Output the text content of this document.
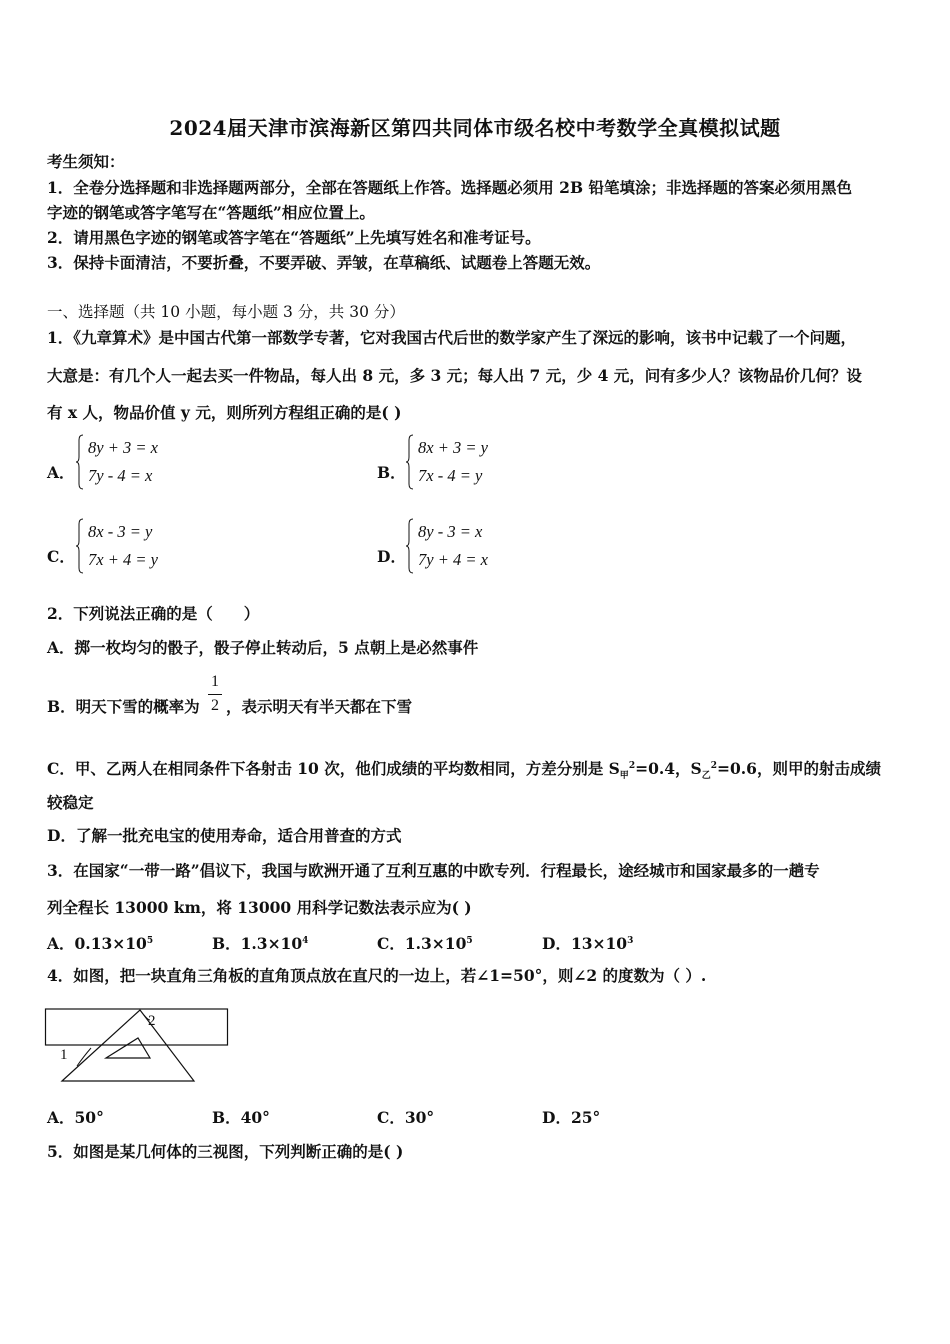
2024届天津市滨海新区第四共同体市级名校中考数学全真模拟试题
考生须知：
1．全卷分选择题和非选择题两部分，全部在答题纸上作答。选择题必须用 2B 铅笔填涂；非选择题的答案必须用黑色
字迹的钢笔或答字笔写在“答题纸”相应位置上。
2．请用黑色字迹的钢笔或答字笔在“答题纸”上先填写姓名和准考证号。
3．保持卡面清洁，不要折叠，不要弄破、弄皱，在草稿纸、试题卷上答题无效。
一、选择题（共 10 小题，每小题 3 分，共 30 分）
1．《九章算术》是中国古代第一部数学专著，它对我国古代后世的数学家产生了深远的影响，该书中记载了一个问题，
大意是：有几个人一起去买一件物品，每人出 8 元，多 3 元；每人出 7 元，少 4 元，问有多少人？该物品价几何？设
有 x 人，物品价值 y 元，则所列方程组正确的是( )
A．
8y + 3 = x
7y - 4 = x	B．
8x + 3 = y
7x - 4 = y
C．
8x - 3 = y
7x + 4 = y	D．
8y - 3 = x
7y + 4 = x
2．下列说法正确的是（　　）
A．掷一枚均匀的骰子，骰子停止转动后，5 点朝上是必然事件
B．明天下雪的概率为
1
2 ，表示明天有半天都在下雪
C．甲、乙两人在相同条件下各射击 10 次，他们成绩的平均数相同，方差分别是 $S_甲^2=0.4$，$S_乙^2=0.6$，则甲的射击成绩
较稳定
D．了解一批充电宝的使用寿命，适合用普查的方式
3．在国家“一带一路”倡议下，我国与欧洲开通了互利互惠的中欧专列．行程最长，途经城市和国家最多的一趟专
列全程长 13000 km，将 13000 用科学记数法表示应为( )
A．$0.13\times 10^5$	B．$1.3\times 10^4$	C．$1.3\times 10^5$	D．$13\times 10^3$
4．如图，把一块直角三角板的直角顶点放在直尺的一边上，若∠1=50°，则∠2 的度数为（ ）.
1
2
A．50°	B．40°	C．30°	D．25°
5．如图是某几何体的三视图，下列判断正确的是( )
